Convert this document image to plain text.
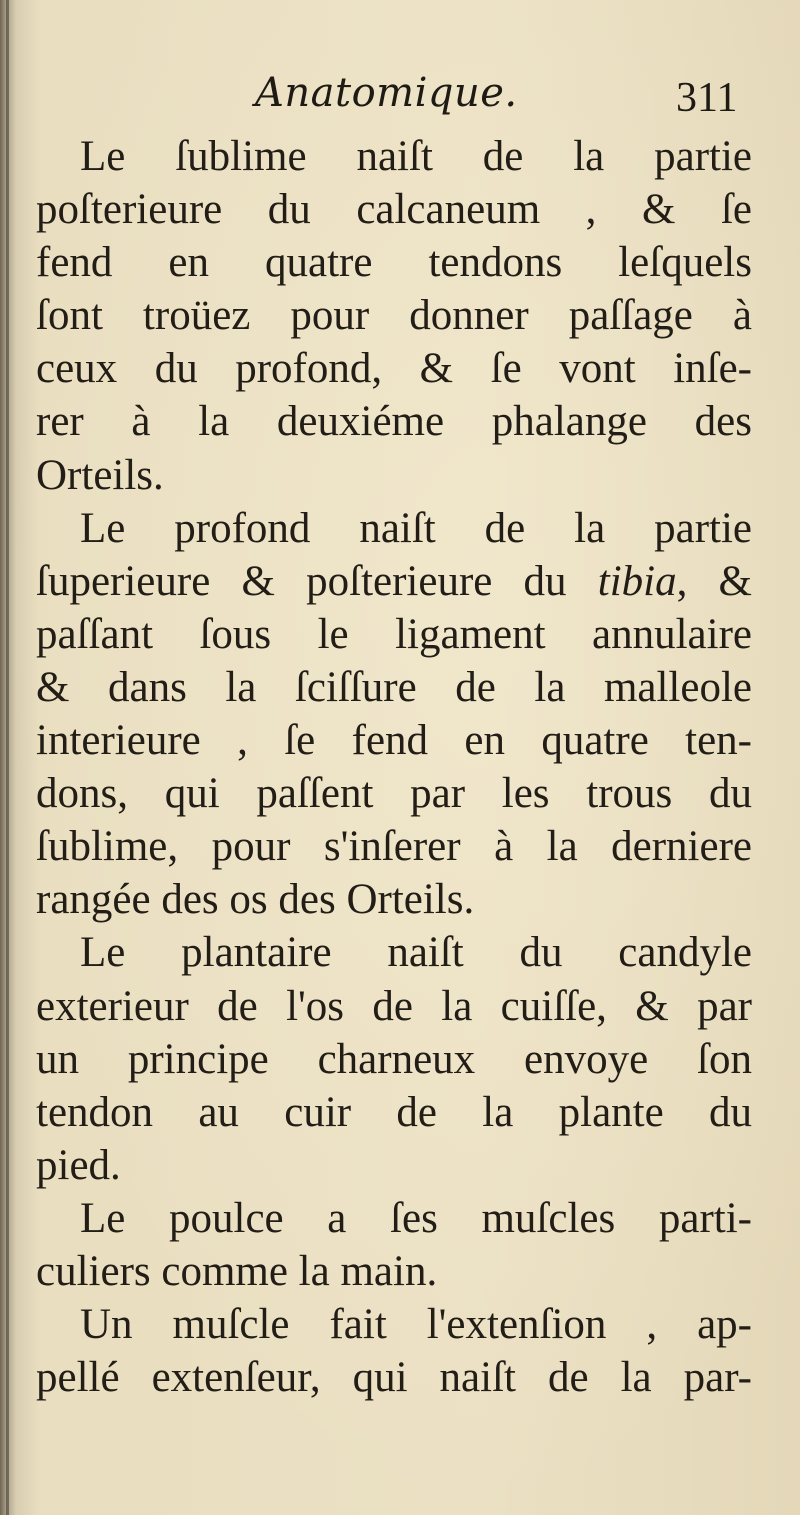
Anatomique.	311
Le ſublime naiſt de la partie
poſterieure du calcaneum , & ſe
fend en quatre tendons leſquels
ſont troüez pour donner paſſage à
ceux du profond, & ſe vont inſe-
rer à la deuxiéme phalange des
Orteils.
Le profond naiſt de la partie
ſuperieure & poſterieure du tibia, &
paſſant ſous le ligament annulaire
& dans la ſciſſure de la malleole
interieure , ſe fend en quatre ten-
dons, qui paſſent par les trous du
ſublime, pour s'inſerer à la derniere
rangée des os des Orteils.
Le plantaire naiſt du candyle
exterieur de l'os de la cuiſſe, & par
un principe charneux envoye ſon
tendon au cuir de la plante du
pied.
Le poulce a ſes muſcles parti-
culiers comme la main.
Un muſcle fait l'extenſion , ap-
pellé extenſeur, qui naiſt de la par-
